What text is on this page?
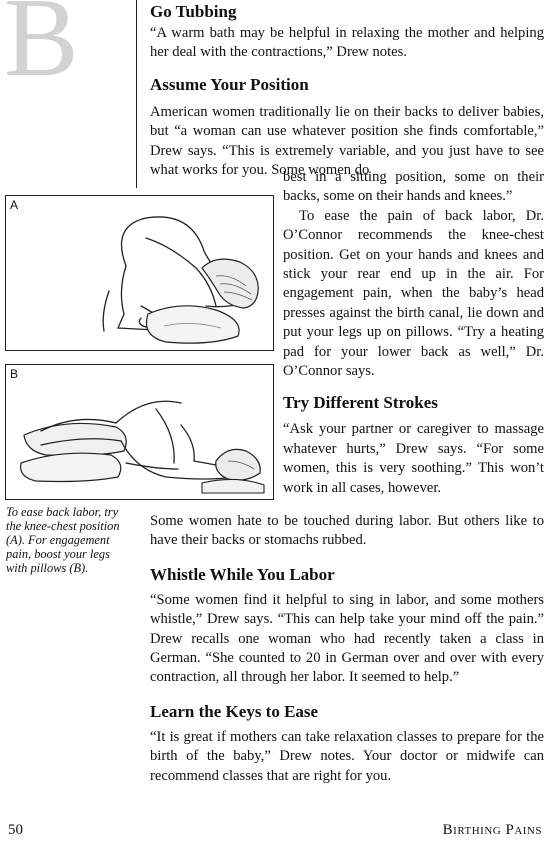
B	Go Tubbing

“A warm bath may be helpful in relaxing the mother and helping her deal with the contractions,” Drew notes.

Assume Your Position

American women traditionally lie on their backs to deliver babies, but “a woman can use whatever position she finds comfortable,” Drew says. “This is extremely variable, and you just have to see what works for you. Some women do

best in a sitting position, some on their backs, some on their hands and knees.”

To ease the pain of back labor, Dr. O’Connor recommends the knee-chest position. Get on your hands and knees and stick your rear end up in the air. For engagement pain, when the baby’s head presses against the birth canal, lie down and put your legs up on pillows. “Try a heating pad for your lower back as well,” Dr. O’Connor says.

Try Different Strokes

“Ask your partner or caregiver to massage whatever hurts,” Drew says. “For some women, this is very soothing.” This won’t work in all cases, however.

Some women hate to be touched during labor. But others like to have their backs or stomachs rubbed.

Whistle While You Labor

“Some women find it helpful to sing in labor, and some mothers whistle,” Drew says. “This can help take your mind off the pain.” Drew recalls one woman who had recently taken a class in German. “She counted to 20 in German over and over with every contraction, all through her labor. It seemed to help.”

Learn the Keys to Ease

“It is great if mothers can take relaxation classes to prepare for the birth of the baby,” Drew notes. Your doctor or midwife can recommend classes that are right for you.

A
B
To ease back labor, try the knee-chest position (A). For engagement pain, boost your legs with pillows (B).
50	Birthing Pains
